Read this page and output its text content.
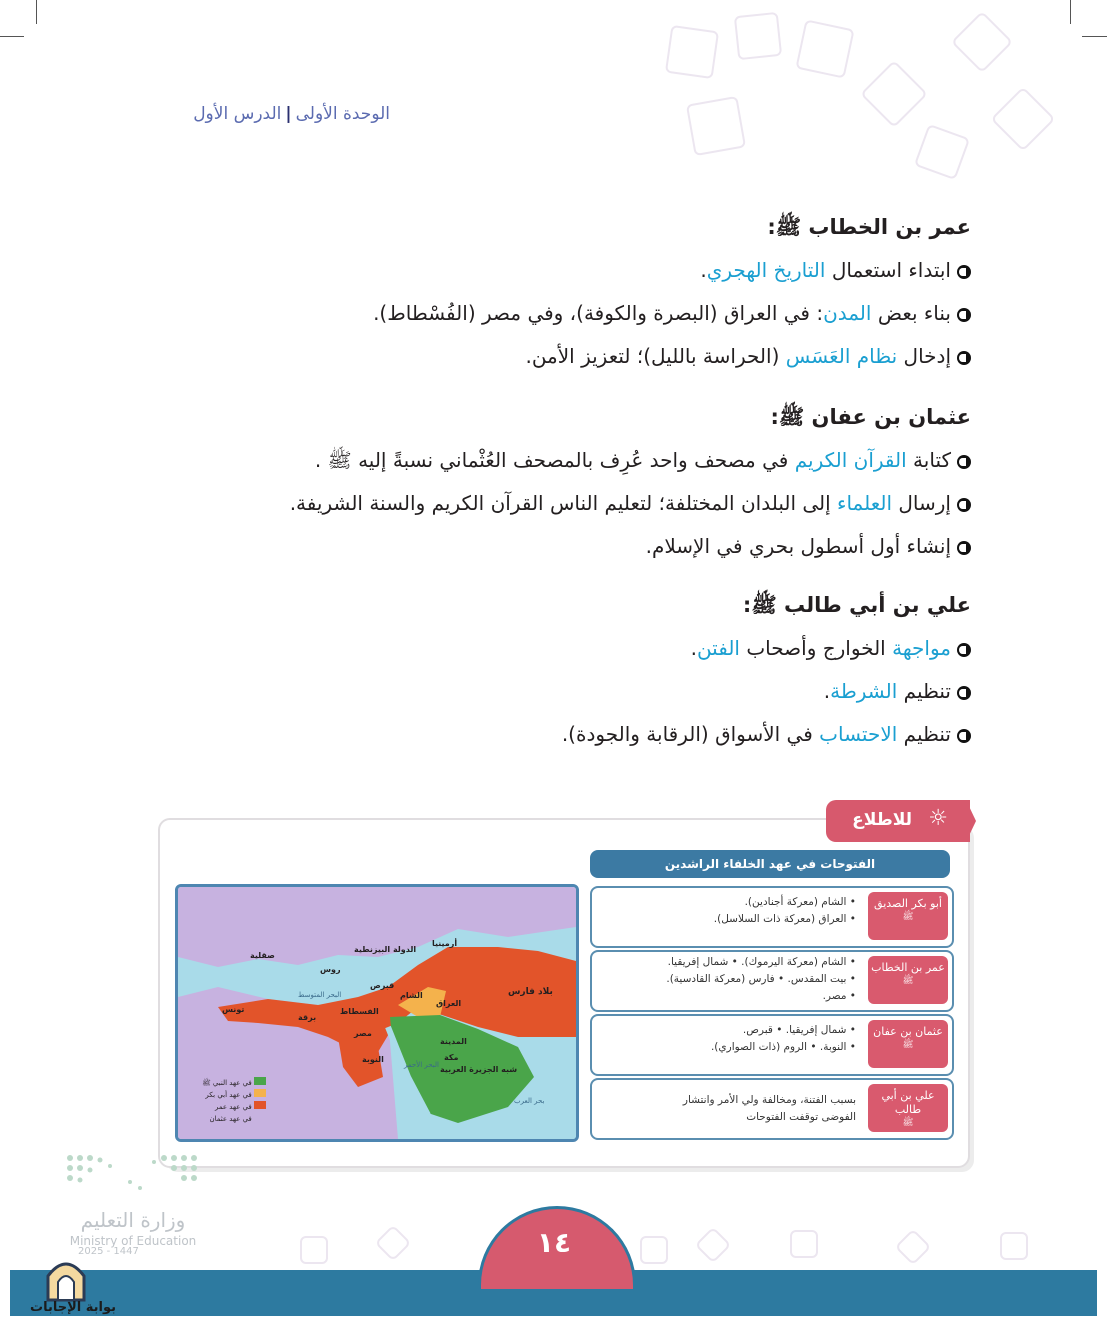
الوحدة الأولى|الدرس الأول
عمر بن الخطاب ﷺ:
ابتداء استعمال التاريخ الهجري.
بناء بعض المدن: في العراق (البصرة والكوفة)، وفي مصر (الفُسْطاط).
إدخال نظام العَسَس (الحراسة بالليل)؛ لتعزيز الأمن.
عثمان بن عفان ﷺ:
كتابة القرآن الكريم في مصحف واحد عُرِف بالمصحف العُثْماني نسبةً إليه ﷺ .
إرسال العلماء إلى البلدان المختلفة؛ لتعليم الناس القرآن الكريم والسنة الشريفة.
إنشاء أول أسطول بحري في الإسلام.
علي بن أبي طالب ﷺ:
مواجهة الخوارج وأصحاب الفتن.
تنظيم الشرطة.
تنظيم الاحتساب في الأسواق (الرقابة والجودة).
☼
للاطلاع
الفتوحات في عهد الخلفاء الراشدين
أبو بكر الصديق
ﷺ
• الشام (معركة أجنادين).
• العراق (معركة ذات السلاسل).
عمر بن الخطاب
ﷺ
• الشام (معركة اليرموك). • شمال إفريقيا.
• بيت المقدس. • فارس (معركة القادسية).
• مصر.
عثمان بن عفان
ﷺ
• شمال إفريقيا. • قبرص.
• النوبة. • الروم (ذات الصواري).
علي بن أبي طالب
ﷺ
بسبب الفتنة، ومخالفة ولي الأمر وانتشار
الفوضى توقفت الفتوحات
الدولة البيزنطية
أرمينيا
روس
صقلية
تونس
برقة
الفسطاط
مصر
النوبة
قبرص
الشام
العراق
بلاد فارس
المدينة
مكة
شبه الجزيرة العربية
البحر الأحمر
البحر المتوسط
بحر العرب
في عهد النبي ﷺ
في عهد أبي بكر
في عهد عمر
في عهد عثمان
وزارة التعليم
Ministry of Education
2025 - 1447	١٤
بوابة الإجابات
